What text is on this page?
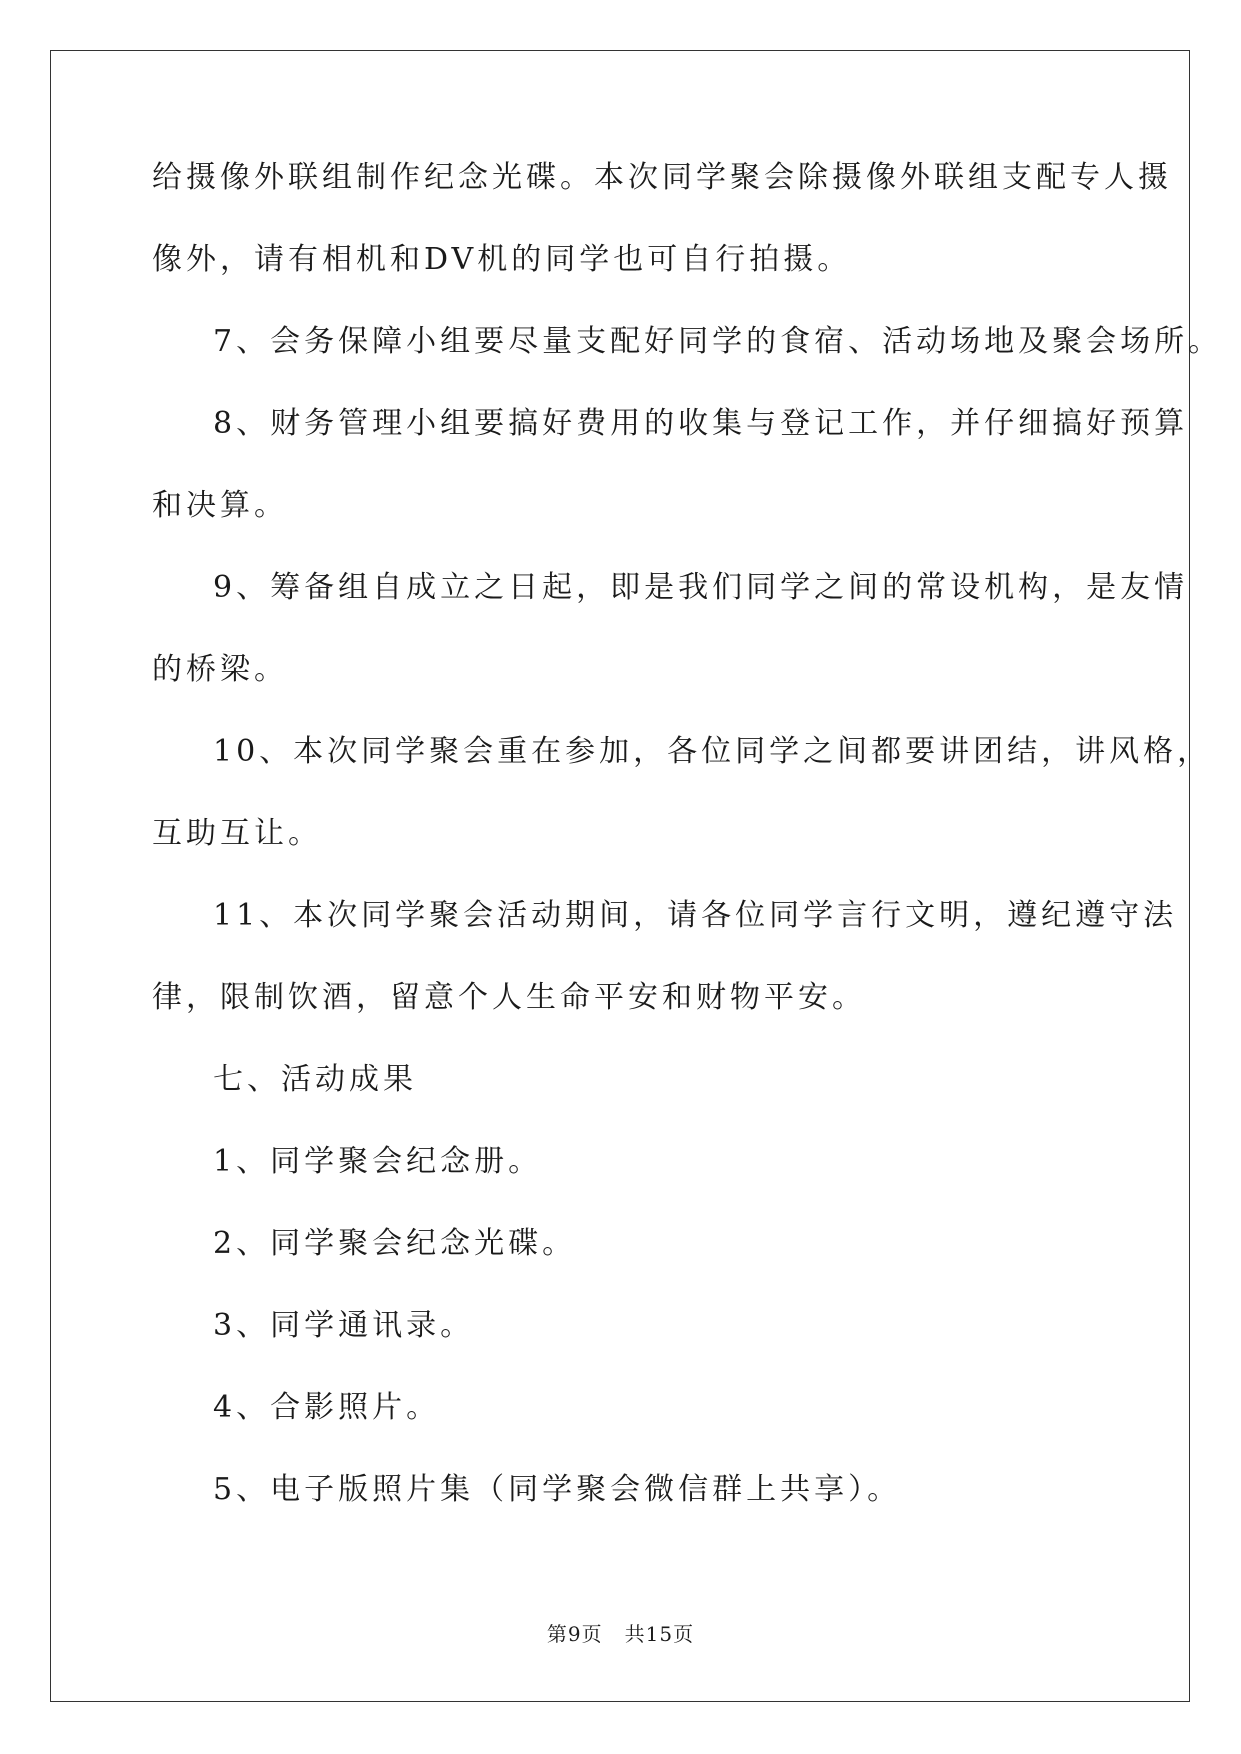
给摄像外联组制作纪念光碟。本次同学聚会除摄像外联组支配专人摄
像外，请有相机和DV机的同学也可自行拍摄。
7、会务保障小组要尽量支配好同学的食宿、活动场地及聚会场所。
8、财务管理小组要搞好费用的收集与登记工作，并仔细搞好预算
和决算。
9、筹备组自成立之日起，即是我们同学之间的常设机构，是友情
的桥梁。
10、本次同学聚会重在参加，各位同学之间都要讲团结，讲风格，
互助互让。
11、本次同学聚会活动期间，请各位同学言行文明，遵纪遵守法
律，限制饮酒，留意个人生命平安和财物平安。
七、活动成果
1、同学聚会纪念册。
2、同学聚会纪念光碟。
3、同学通讯录。
4、合影照片。
5、电子版照片集（同学聚会微信群上共享）。
第9页 共15页
